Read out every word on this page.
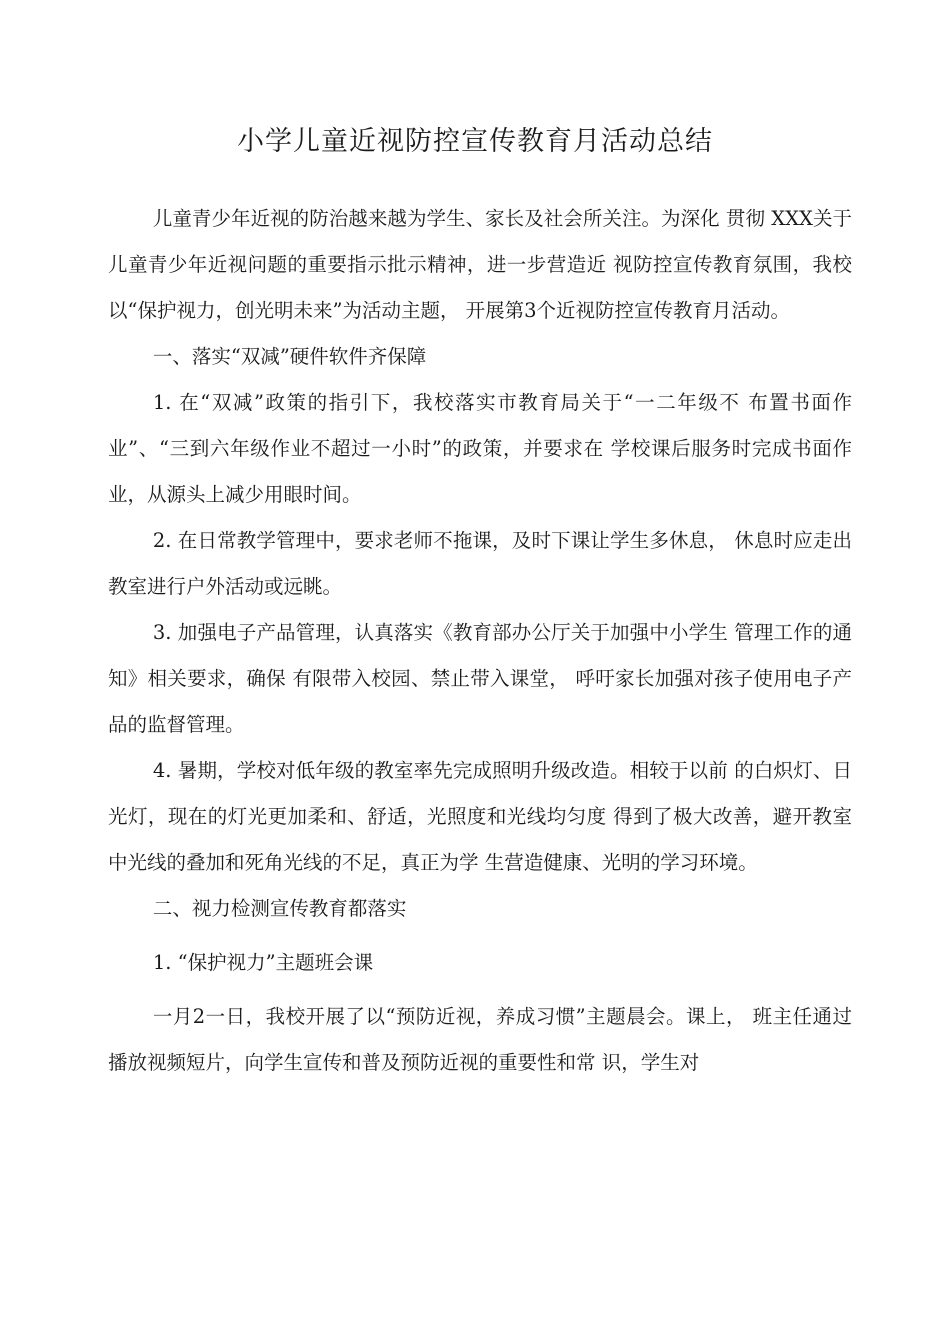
小学儿童近视防控宣传教育月活动总结

儿童青少年近视的防治越来越为学生、家长及社会所关注。为深化 贯彻 XXX关于儿童青少年近视问题的重要指示批示精神，进一步营造近 视防控宣传教育氛围，我校以“保护视力，创光明未来”为活动主题， 开展第3个近视防控宣传教育月活动。

一、落实“双减”硬件软件齐保障

1. 在“双减”政策的指引下，我校落实市教育局关于“一二年级不 布置书面作业”、“三到六年级作业不超过一小时”的政策，并要求在 学校课后服务时完成书面作业，从源头上减少用眼时间。

2. 在日常教学管理中，要求老师不拖课，及时下课让学生多休息， 休息时应走出教室进行户外活动或远眺。

3. 加强电子产品管理，认真落实《教育部办公厅关于加强中小学生 管理工作的通知》相关要求，确保 有限带入校园、禁止带入课堂， 呼吁家长加强对孩子使用电子产品的监督管理。

4. 暑期，学校对低年级的教室率先完成照明升级改造。相较于以前 的白炽灯、日光灯，现在的灯光更加柔和、舒适，光照度和光线均匀度 得到了极大改善，避开教室中光线的叠加和死角光线的不足，真正为学 生营造健康、光明的学习环境。

二、视力检测宣传教育都落实

1. “保护视力”主题班会课

一月2一日，我校开展了以“预防近视，养成习惯”主题晨会。课上， 班主任通过播放视频短片，向学生宣传和普及预防近视的重要性和常 识，学生对
